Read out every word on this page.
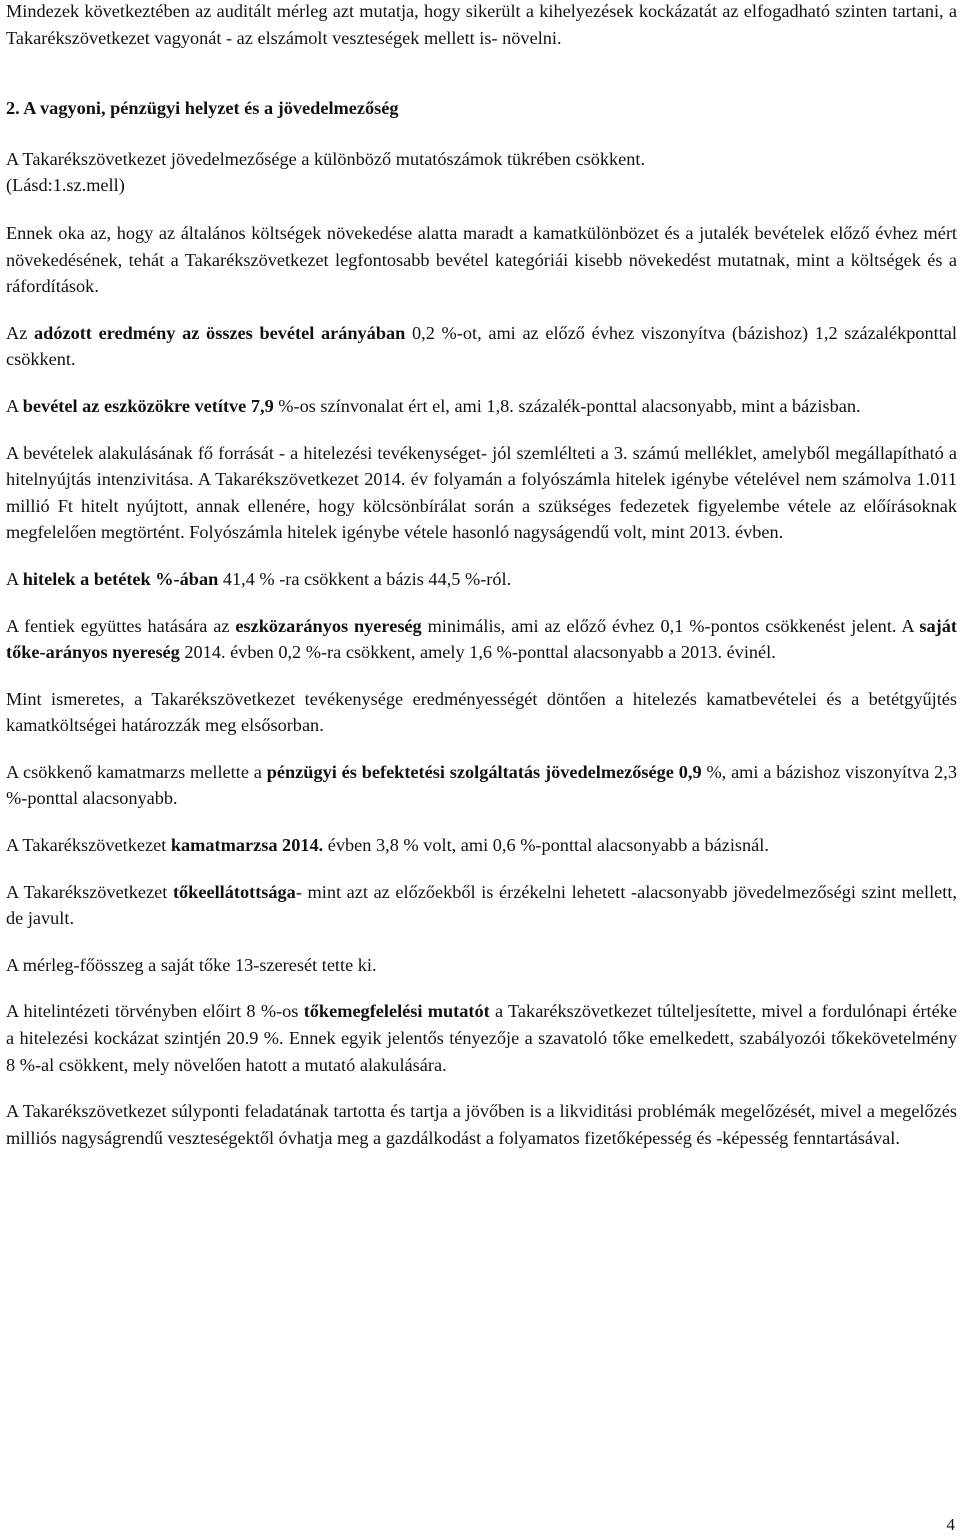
Mindezek következtében az auditált mérleg azt mutatja, hogy sikerült a kihelyezések kockázatát az elfogadható szinten tartani, a Takarékszövetkezet vagyonát - az elszámolt veszteségek mellett is- növelni.

2. A vagyoni, pénzügyi helyzet és a jövedelmezőség

A Takarékszövetkezet jövedelmezősége a különböző mutatószámok tükrében csökkent.
(Lásd:1.sz.mell)

Ennek oka az, hogy az általános költségek növekedése alatta maradt a kamatkülönbözet és a jutalék bevételek előző évhez mért növekedésének, tehát a Takarékszövetkezet legfontosabb bevétel kategóriái kisebb növekedést mutatnak, mint a költségek és a ráfordítások.

Az adózott eredmény az összes bevétel arányában 0,2 %-ot, ami az előző évhez viszonyítva (bázishoz) 1,2 százalékponttal csökkent.

A bevétel az eszközökre vetítve 7,9 %-os színvonalat ért el, ami 1,8. százalék-ponttal alacsonyabb, mint a bázisban.

A bevételek alakulásának fő forrását - a hitelezési tevékenységet- jól szemlélteti a 3. számú melléklet, amelyből megállapítható a hitelnyújtás intenzivitása. A Takarékszövetkezet 2014. év folyamán a folyószámla hitelek igénybe vételével nem számolva 1.011 millió Ft hitelt nyújtott, annak ellenére, hogy kölcsönbírálat során a szükséges fedezetek figyelembe vétele az előírásoknak megfelelően megtörtént. Folyószámla hitelek igénybe vétele hasonló nagyságendű volt, mint 2013. évben.

A hitelek a betétek %-ában 41,4 % -ra csökkent a bázis 44,5 %-ról.

A fentiek együttes hatására az eszközarányos nyereség minimális, ami az előző évhez 0,1 %-pontos csökkenést jelent. A saját tőke-arányos nyereség 2014. évben 0,2 %-ra csökkent, amely 1,6 %-ponttal alacsonyabb a 2013. évinél.

Mint ismeretes, a Takarékszövetkezet tevékenysége eredményességét döntően a hitelezés kamatbevételei és a betétgyűjtés kamatköltségei határozzák meg elsősorban.

A csökkenő kamatmarzs mellette a pénzügyi és befektetési szolgáltatás jövedelmezősége 0,9 %, ami a bázishoz viszonyítva 2,3 %-ponttal alacsonyabb.

A Takarékszövetkezet kamatmarzsa 2014. évben 3,8 % volt, ami 0,6 %-ponttal alacsonyabb a bázisnál.

A Takarékszövetkezet tőkeellátottsága- mint azt az előzőekből is érzékelni lehetett -alacsonyabb jövedelmezőségi szint mellett, de javult.

A mérleg-főösszeg a saját tőke 13-szeresét tette ki.

A hitelintézeti törvényben előirt 8 %-os tőkemegfelelési mutatót a Takarékszövetkezet túlteljesítette, mivel a fordulónapi értéke a hitelezési kockázat szintjén 20.9 %. Ennek egyik jelentős tényezője a szavatoló tőke emelkedett, szabályozói tőkekövetelmény 8 %-al csökkent, mely növelően hatott a mutató alakulására.

A Takarékszövetkezet súlyponti feladatának tartotta és tartja a jövőben is a likviditási problémák megelőzését, mivel a megelőzés milliós nagyságrendű veszteségektől óvhatja meg a gazdálkodást a folyamatos fizetőképesség és -képesség fenntartásával.

4
